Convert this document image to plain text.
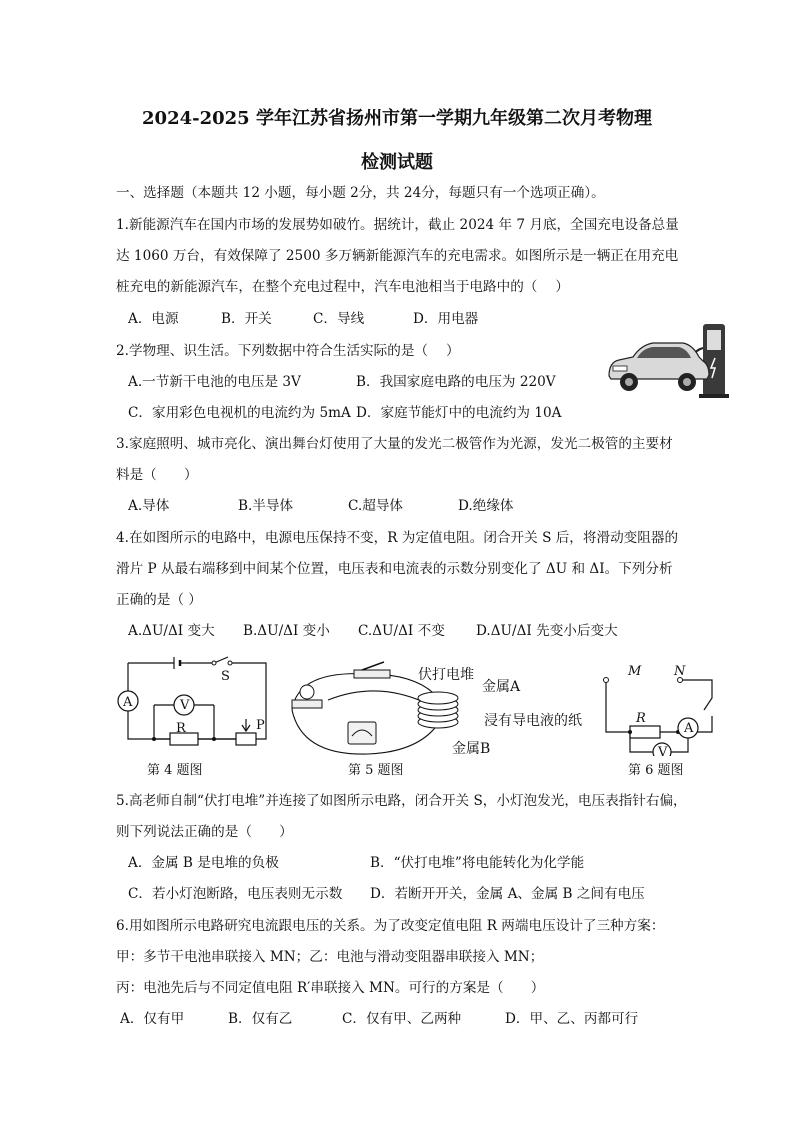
2024-2025 学年江苏省扬州市第一学期九年级第二次月考物理
检测试题
一、选择题（本题共 12 小题，每小题 2分，共 24分，每题只有一个选项正确）。
1.新能源汽车在国内市场的发展势如破竹。据统计，截止 2024 年 7 月底，全国充电设备总量
达 1060 万台，有效保障了 2500 多万辆新能源汽车的充电需求。如图所示是一辆正在用充电
桩充电的新能源汽车，在整个充电过程中，汽车电池相当于电路中的（　 ）
A．电源	B．开关	C．导线	D．用电器
2.学物理、识生活。下列数据中符合生活实际的是（　 ）
A.一节新干电池的电压是 3V	B．我国家庭电路的电压为 220V
C．家用彩色电视机的电流约为 5mA D．家庭节能灯中的电流约为 10A
3.家庭照明、城市亮化、演出舞台灯使用了大量的发光二极管作为光源，发光二极管的主要材
料是（　　）
A.导体	B.半导体	C.超导体	D.绝缘体
4.在如图所示的电路中，电源电压保持不变，R 为定值电阻。闭合开关 S 后，将滑动变阻器的
滑片 P 从最右端移到中间某个位置，电压表和电流表的示数分别变化了 ΔU 和 ΔI。下列分析
正确的是（ ）
A.ΔU/ΔI 变大 B.ΔU/ΔI 变小 C.ΔU/ΔI 不变 D.ΔU/ΔI 先变小后变大
A	V
S
R	P
第 4 题图
伏打电堆
金属A
浸有导电液的纸
金属B
第 5 题图
M	N
R
A
V
第 6 题图
5.高老师自制“伏打电堆”并连接了如图所示电路，闭合开关 S，小灯泡发光，电压表指针右偏，
则下列说法正确的是（　　）
A．金属 B 是电堆的负极	B．“伏打电堆”将电能转化为化学能
C．若小灯泡断路，电压表则无示数 D．若断开开关，金属 A、金属 B 之间有电压
6.用如图所示电路研究电流跟电压的关系。为了改变定值电阻 R 两端电压设计了三种方案：
甲：多节干电池串联接入 MN；乙：电池与滑动变阻器串联接入 MN；
丙：电池先后与不同定值电阻 R′串联接入 MN。可行的方案是（　　）
A．仅有甲	B．仅有乙	C．仅有甲、乙两种	D．甲、乙、丙都可行
